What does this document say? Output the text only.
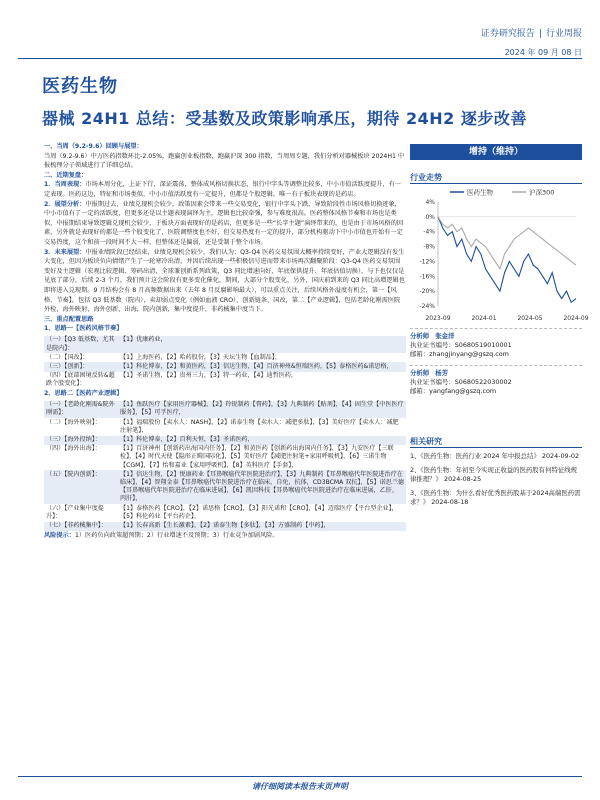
证券研究报告 | 行业周报
2024 年 09 月 08 日
医药生物
器械 24H1 总结：受基数及政策影响承压，期待 24H2 逐步改善

一、当周（9.2-9.6）回顾与展望：

当周（9.2-9.6）中万医药指数环比-2.05%，跑赢创业板指数，跑赢沪深 300 指数，当周周专题，我们分析对器械板块 2024H1 中报梳理分子领域进行了详细总结。

二、近期复盘：

1．当周表现：市场本周分化，上证下行，深证震荡，整体成风格切换状态，银行中字头等调整比较多，中小市值活跃度提升，有一定表现。医药这边，特征和市场类似，中小市值活跃度有一定提升，但都是个股逻辑，唯一有子板块表现的是药店。

2．展望分析：中报期过去，业绩兑现机会较少，政策因素会带来一些交易变化，银行中字头下跌，导致阶段性市场风格切换迹象，中小市值有了一定的活跃度，但更多还是以主题表现演绎为主，逻辑也比较牵强，参与难度很高。医药整体风格节奏和市场也是类似，中报期结束导致逻辑兑现机会较少，于板块方面表现好的是药店，但更多是一些“长字主题”演绎带来的，也是由于市场风格的因素，另外就是表现好的都是一些个股变化了，医院调整度也不好，但交易热度有一定的提升，部分机构驱动下中小市值也开始有一定交易热度，这个和前一段时间不大一样，但整体还是偏弱，还是受制于整个市场。

3．未来展望：中报业绩阶段已经结束，业绩兑现机会较少，我们认为：Q3-Q4 医药交易氛围大概率持续变好，产业大逻辑没有发生大变化，但因为板块负向情绪产生了一轮寒冷出清，并因后续出现一些积极信号进而带来市场再次翻聚阶段：Q3-Q4 医药交易氛围变好及主逻辑（宏观比较逻辑、筹码出清、全球兼创新系列政策，Q3 同比增速向好、年底保供提升、年底估值切换），与下也仅仅是见底了部分，后续 2-3 个月，我们预计这会阶段有更多变化催化，期间，大部分个股变化，另外，国庆前到来的 Q3 同比高增逻辑也即将进入兑现期。9 月结构会有 8 月高频数据出来（去年 8 月反腐影响最大），可以重点关注，后续风格外溢度有机会，第一【风格、节奏】，包括 Q3 低基数（院内），卖却弱点变化（例如血液 CRO），创新链条，国改，第二【产业逻辑】，包括老龄化刚需医院外检，海外映射，海外创新，出海，院内创新，集中度提升，非药械集中度当下。

三、重点配置思路

1、思路一【医药风格节奏】

（一）【Q3 低基数，尤其是院内】：	【1】优康药业，
（二）【国改】：	【1】上海医药，【2】哈药股份，【3】天坛生物【血制品】，
（三）【创新】：	【1】科伦博泰，【2】和黄医药，【3】信达生物，【4】百济神州&恒瑞医药，【5】泰格医药&诺思格，
（四）【底部困境反转&超跌个股变化】：	【1】圣诺生物，【2】贵州三力，【3】特一药业，【4】迪哲医药，

2、思路二【医药产业逻辑】

（一）【老龄化刚需&院外刚需】：	【1】鱼跃医疗【家用医疗器械】，【2】羚锐制药【膏药】，【3】九典制药【贴剂】，【4】固生堂【中医医疗服务】，【5】可孚医疗，
（二）【海外映射】：	【1】福瑞股份【卖水人：NASH】，【2】诺泰生物【卖水人：减肥多肽】，【3】美好医疗【卖水人：减肥注射笔】，
（三）【海外投纳】：	【1】科伦博泰，【2】百利天恒，【3】圣诺医药，
（四）【海外出海】：	【1】百济神州【创新药出海国内任务】，【2】和黄医药【创新药出海国内任务】，【3】九安医疗【三联检】，【4】时代天使【隐形正畸国际化】，【5】美好医疗【减肥注射笔+家用呼吸机】，【6】三诺生物【CGM】，【7】怡和嘉业【家用呼吸机】，【8】英科医疗【手套】，
（五）【院内创新】：	【1】信达生物，【2】悦康药业【耳鼻喉癌代年医院进治疗】，【3】九典制药【耳鼻喉癌代年医院进治疗在临床】，【4】智翔金泰【耳鼻喉癌代年医院进治疗在临床，自免，抗体，CD3BCMA 双抗】，【5】诺思兰德【耳鼻喉癌代年医院进治疗在临床进展】，【6】凯因科技【耳鼻喉癌代年医院进治疗在临床进展，乙肝，丙肝】，
（六）【产业集中度提升】：	【1】泰格医药【CRO】，【2】诺思格【CRO】，【3】阳光诺和【CRO】，【4】迈瑞医疗【平台型企业】，【5】科伦药业【平台药企】，
（七）【非药械集中】：	【1】长春高新【生长激素】，【2】诺泰生物【多肽】，【3】方盛制药【中药】，

风险提示：1）医药负向政策超预期；2）行业增速不及预期；3）行业竞争加剧风险。

增持（维持）
行业走势
医药生物	沪深300
4%
0%
-4%
-8%
-12%
-16%
-20%
-24%
2023-09	2024-01	2024-05	2024-09
分析师 张金洋
执业证书编号：S0680519010001
邮箱：zhangjinyang@gszq.com
分析师 杨芳
执业证书编号：S0680522030002
邮箱：yangfang@gszq.com
相关研究
1、《医药生物：医药行业 2024 年中报总结》 2024-09-02
2、《医药生物：年初至今实现正收益的医药股有何特征线规律推理？》 2024-08-25
3、《医药生物：为什么看好优秀医药股基于2024高端医药需求？》 2024-08-18
请仔细阅读本报告末页声明
